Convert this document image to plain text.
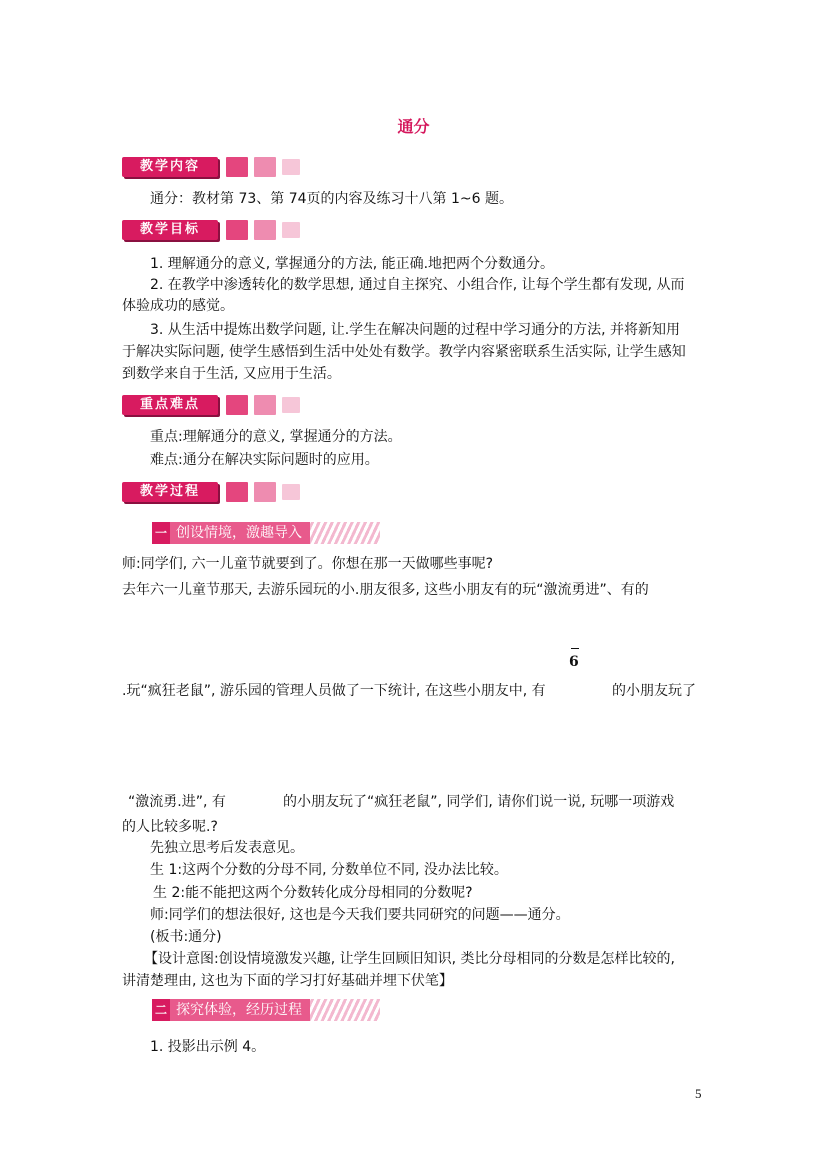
通分
教学内容
通分：教材第 73、第 74页的内容及练习十八第 1~6 题。
教学目标
1. 理解通分的意义, 掌握通分的方法, 能正确.地把两个分数通分。
2. 在教学中渗透转化的数学思想, 通过自主探究、小组合作, 让每个学生都有发现, 从而
体验成功的感觉。
3. 从生活中提炼出数学问题, 让.学生在解决问题的过程中学习通分的方法, 并将新知用
于解决实际问题, 使学生感悟到生活中处处有数学。教学内容紧密联系生活实际, 让学生感知
到数学来自于生活, 又应用于生活。
重点难点
重点:理解通分的意义, 掌握通分的方法。
难点:通分在解决实际问题时的应用。
教学过程
一 创设情境，激趣导入
师:同学们, 六一儿童节就要到了。你想在那一天做哪些事呢?
去年六一儿童节那天, 去游乐园玩的小.朋友很多, 这些小朋友有的玩“激流勇进”、有的
6
.玩“疯狂老鼠”, 游乐园的管理人员做了一下统计, 在这些小朋友中, 有	的小朋友玩了
“激流勇.进”, 有	的小朋友玩了“疯狂老鼠”, 同学们, 请你们说一说, 玩哪一项游戏
的人比较多呢.?
先独立思考后发表意见。
生 1:这两个分数的分母不同, 分数单位不同, 没办法比较。
生 2:能不能把这两个分数转化成分母相同的分数呢?
师:同学们的想法很好, 这也是今天我们要共同研究的问题——通分。
(板书:通分)
【设计意图:创设情境激发兴趣, 让学生回顾旧知识, 类比分母相同的分数是怎样比较的,
讲清楚理由, 这也为下面的学习打好基础并埋下伏笔】
二 探究体验，经历过程
1. 投影出示例 4。
5
